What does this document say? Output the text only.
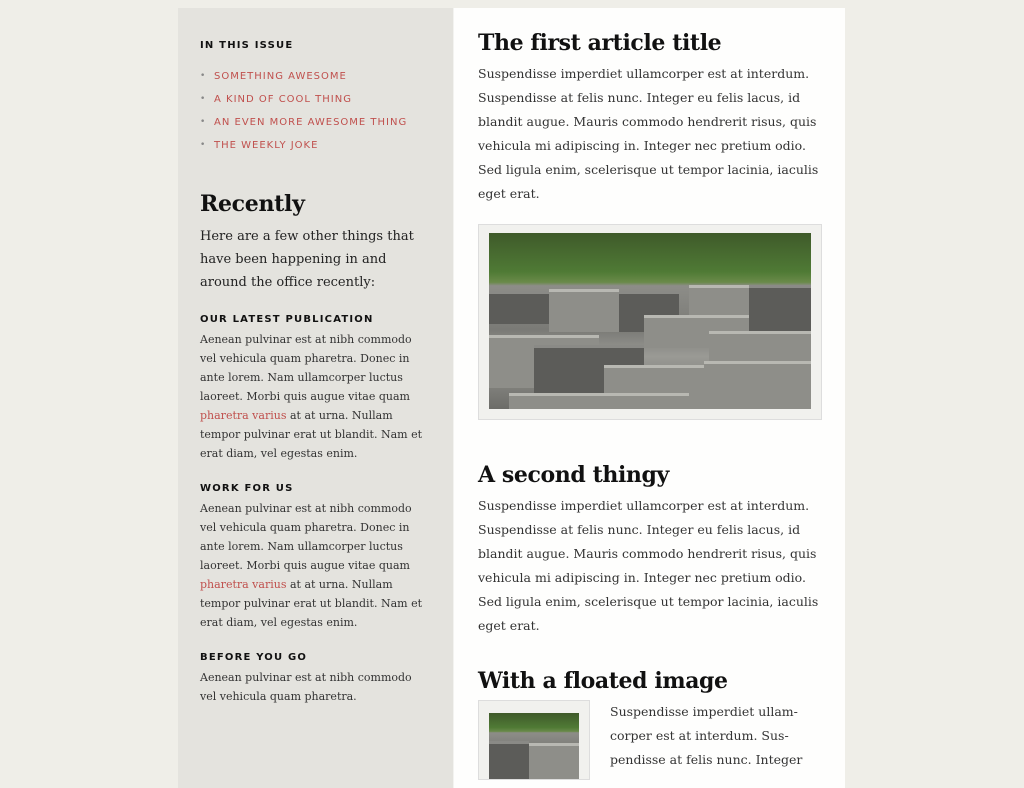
IN THIS ISSUE
• SOMETHING AWESOME
• A KIND OF COOL THING
• AN EVEN MORE AWESOME THING
• THE WEEKLY JOKE
Recently

Here are a few other things that have been happening in and around the office recently:

OUR LATEST PUBLICATION

Aenean pulvinar est at nibh commodo vel vehicula quam pharetra. Donec in ante lorem. Nam ullamcorper luctus laoreet. Morbi quis augue vitae quam pharetra varius at at urna. Nullam tempor pulvinar erat ut blandit. Nam et erat diam, vel egestas enim.

WORK FOR US

Aenean pulvinar est at nibh commodo vel vehicula quam pharetra. Donec in ante lorem. Nam ullamcorper luctus laoreet. Morbi quis augue vitae quam pharetra varius at at urna. Nullam tempor pulvinar erat ut blandit. Nam et erat diam, vel egestas enim.

BEFORE YOU GO

Aenean pulvinar est at nibh commodo vel vehicula quam pharetra.

The first article title

Suspendisse imperdiet ullamcorper est at interdum. Suspendisse at felis nunc. Integer eu felis lacus, id blandit augue. Mauris commodo hendrerit risus, quis vehicula mi adipiscing in. Integer nec pretium odio. Sed ligula enim, scelerisque ut tempor lacinia, iaculis eget erat.

A second thingy

Suspendisse imperdiet ullamcorper est at interdum. Suspendisse at felis nunc. Integer eu felis lacus, id blandit augue. Mauris commodo hendrerit risus, quis vehicula mi adipiscing in. Integer nec pretium odio. Sed ligula enim, scelerisque ut tempor lacinia, iaculis eget erat.

With a floated image

Suspendisse imperdiet ullamcorper est at interdum. Suspendisse at felis nunc. Integer
